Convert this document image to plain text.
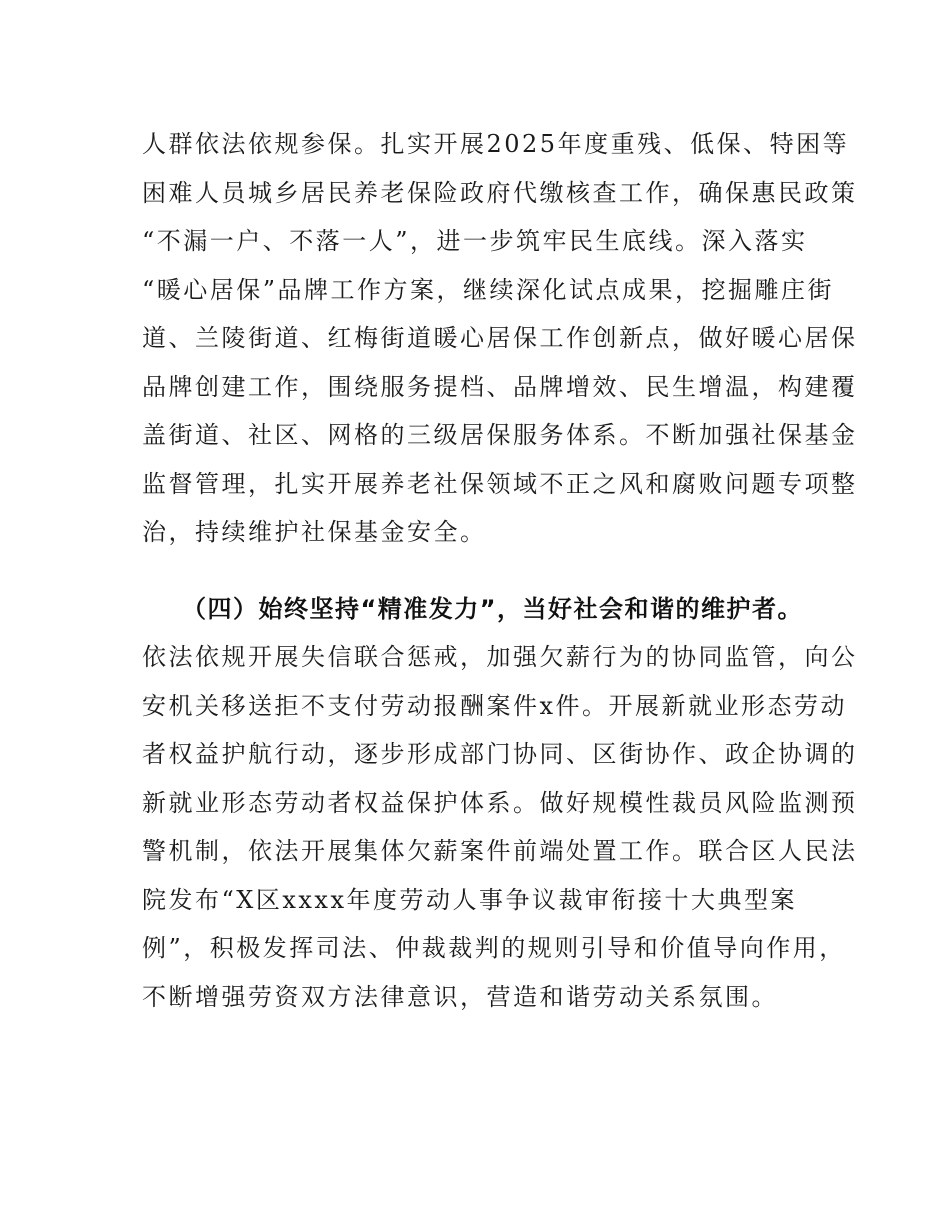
人群依法依规参保。扎实开展2025年度重残、低保、特困等
困难人员城乡居民养老保险政府代缴核查工作，确保惠民政策
“不漏一户、不落一人”，进一步筑牢民生底线。深入落实
“暖心居保”品牌工作方案，继续深化试点成果，挖掘雕庄街
道、兰陵街道、红梅街道暖心居保工作创新点，做好暖心居保
品牌创建工作，围绕服务提档、品牌增效、民生增温，构建覆
盖街道、社区、网格的三级居保服务体系。不断加强社保基金
监督管理，扎实开展养老社保领域不正之风和腐败问题专项整
治，持续维护社保基金安全。
（四）始终坚持“精准发力”，当好社会和谐的维护者。
依法依规开展失信联合惩戒，加强欠薪行为的协同监管，向公
安机关移送拒不支付劳动报酬案件x件。开展新就业形态劳动
者权益护航行动，逐步形成部门协同、区街协作、政企协调的
新就业形态劳动者权益保护体系。做好规模性裁员风险监测预
警机制，依法开展集体欠薪案件前端处置工作。联合区人民法
院发布“X区xxxx年度劳动人事争议裁审衔接十大典型案
例”，积极发挥司法、仲裁裁判的规则引导和价值导向作用，
不断增强劳资双方法律意识，营造和谐劳动关系氛围。
